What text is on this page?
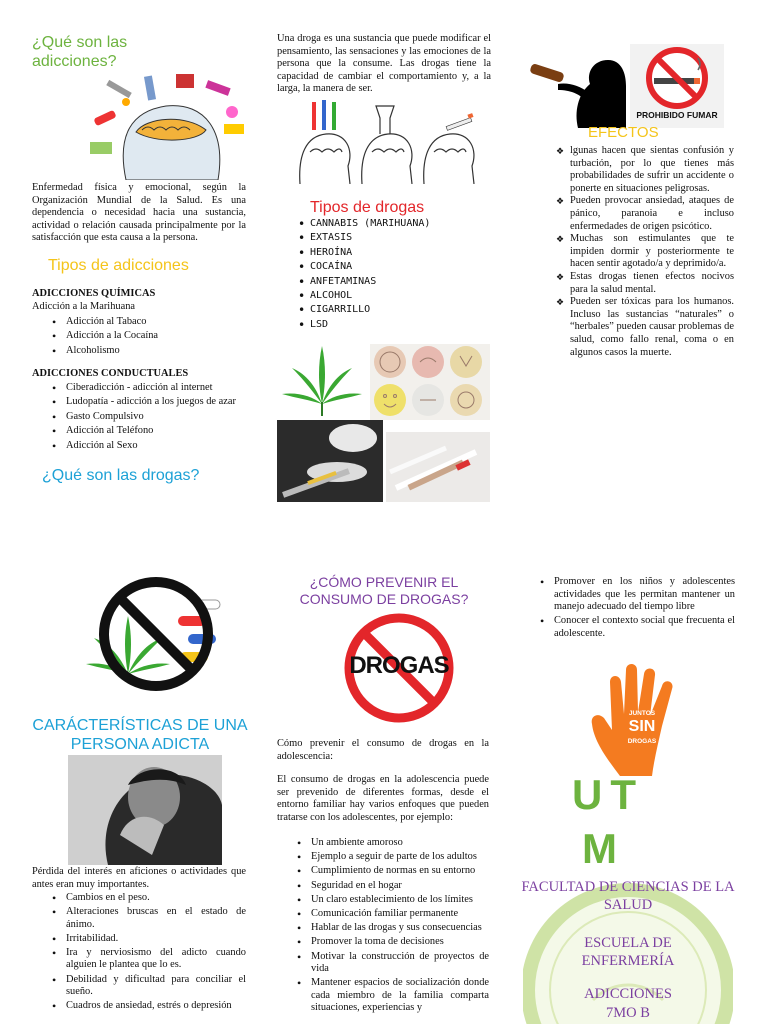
¿Qué son las adicciones?
Enfermedad física y emocional, según la Organización Mundial de la Salud. Es una dependencia o necesidad hacia una sustancia, actividad o relación causada principalmente por la satisfacción que esta causa a la persona.
Tipos de adicciones
ADICCIONES QUÍMICAS
Adicción a la Marihuana
• Adicción al Tabaco
• Adicción a la Cocaína
• Alcoholismo
ADICCIONES CONDUCTUALES
• Ciberadicción - adicción al internet
• Ludopatía - adicción a los juegos de azar
• Gasto Compulsivo
• Adicción al Teléfono
• Adicción al Sexo
¿Qué son las drogas?
Una droga es una sustancia que puede modificar el pensamiento, las sensaciones y las emociones de la persona que la consume. Las drogas tiene la capacidad de cambiar el comportamiento y, a la larga, la manera de ser.
Tipos de drogas
• CANNABIS (MARIHUANA)
• EXTASIS
• HEROÍNA
• COCAÍNA
• ANFETAMINAS
• ALCOHOL
• CIGARRILLO
• LSD
PROHIBIDO FUMAR
EFECTOS
❖ lgunas hacen que sientas confusión y turbación, por lo que tienes más probabilidades de sufrir un accidente o ponerte en situaciones peligrosas.
❖ Pueden provocar ansiedad, ataques de pánico, paranoia e incluso enfermedades de origen psicótico.
❖ Muchas son estimulantes que te impiden dormir y posteriormente te hacen sentir agotado/a y deprimido/a.
❖ Estas drogas tienen efectos nocivos para la salud mental.
❖ Pueden ser tóxicas para los humanos. Incluso las sustancias “naturales” o “herbales” pueden causar problemas de salud, como fallo renal, coma o en algunos casos la muerte.
CARÁCTERÍSTICAS DE UNA PERSONA ADICTA
Pérdida del interés en aficiones o actividades que antes eran muy importantes.
• Cambios en el peso.
• Alteraciones bruscas en el estado de ánimo.
• Irritabilidad.
• Ira y nerviosismo del adicto cuando alguien le plantea que lo es.
• Debilidad y dificultad para conciliar el sueño.
• Cuadros de ansiedad, estrés o depresión
¿CÓMO PREVENIR EL CONSUMO DE DROGAS?
DROGAS
Cómo prevenir el consumo de drogas en la adolescencia:
El consumo de drogas en la adolescencia puede ser prevenido de diferentes formas, desde el entorno familiar hay varios enfoques que pueden tratarse con los adolescentes, por ejemplo:
• Un ambiente amoroso
• Ejemplo a seguir de parte de los adultos
• Cumplimiento de normas en su entorno
• Seguridad en el hogar
• Un claro establecimiento de los límites
• Comunicación familiar permanente
• Hablar de las drogas y sus consecuencias
• Promover la toma de decisiones
• Motivar la construcción de proyectos de vida
• Mantener espacios de socialización donde cada miembro de la familia comparta situaciones, experiencias y
• Promover en los niños y adolescentes actividades que les permitan mantener un manejo adecuado del tiempo libre
• Conocer el contexto social que frecuenta el adolescente.
JUNTOS
SIN
DROGAS
UT
M
FACULTAD DE CIENCIAS DE LA SALUD
ESCUELA DE ENFERMERÍA
ADICCIONES
7MO B
